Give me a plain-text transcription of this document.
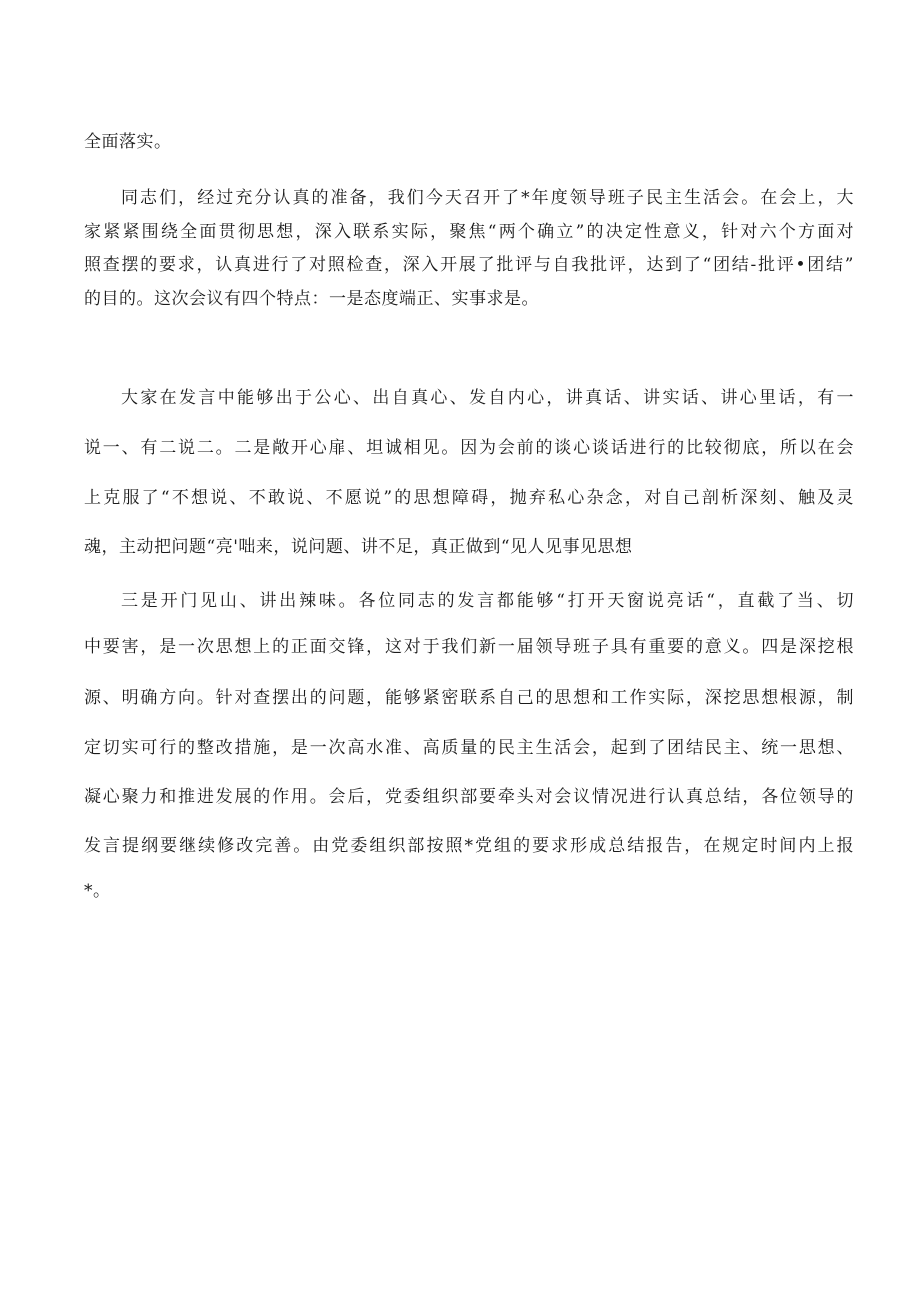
全面落实。
同志们，经过充分认真的准备，我们今天召开了*年度领导班子民主生活会。在会上，大
家紧紧围绕全面贯彻思想，深入联系实际，聚焦“两个确立”的决定性意义，针对六个方面对
照查摆的要求，认真进行了对照检查，深入开展了批评与自我批评，达到了“团结-批评•团结”
的目的。这次会议有四个特点：一是态度端正、实事求是。
大家在发言中能够出于公心、出自真心、发自内心，讲真话、讲实话、讲心里话，有一
说一、有二说二。二是敞开心扉、坦诚相见。因为会前的谈心谈话进行的比较彻底，所以在会
上克服了“不想说、不敢说、不愿说”的思想障碍，抛弃私心杂念，对自己剖析深刻、触及灵
魂，主动把问题“亮'咄来，说问题、讲不足，真正做到“见人见事见思想
三是开门见山、讲出辣味。各位同志的发言都能够“打开天窗说亮话“，直截了当、切
中要害，是一次思想上的正面交锋，这对于我们新一届领导班子具有重要的意义。四是深挖根
源、明确方向。针对查摆出的问题，能够紧密联系自己的思想和工作实际，深挖思想根源，制
定切实可行的整改措施，是一次高水准、高质量的民主生活会，起到了团结民主、统一思想、
凝心聚力和推进发展的作用。会后，党委组织部要牵头对会议情况进行认真总结，各位领导的
发言提纲要继续修改完善。由党委组织部按照*党组的要求形成总结报告，在规定时间内上报
*。
